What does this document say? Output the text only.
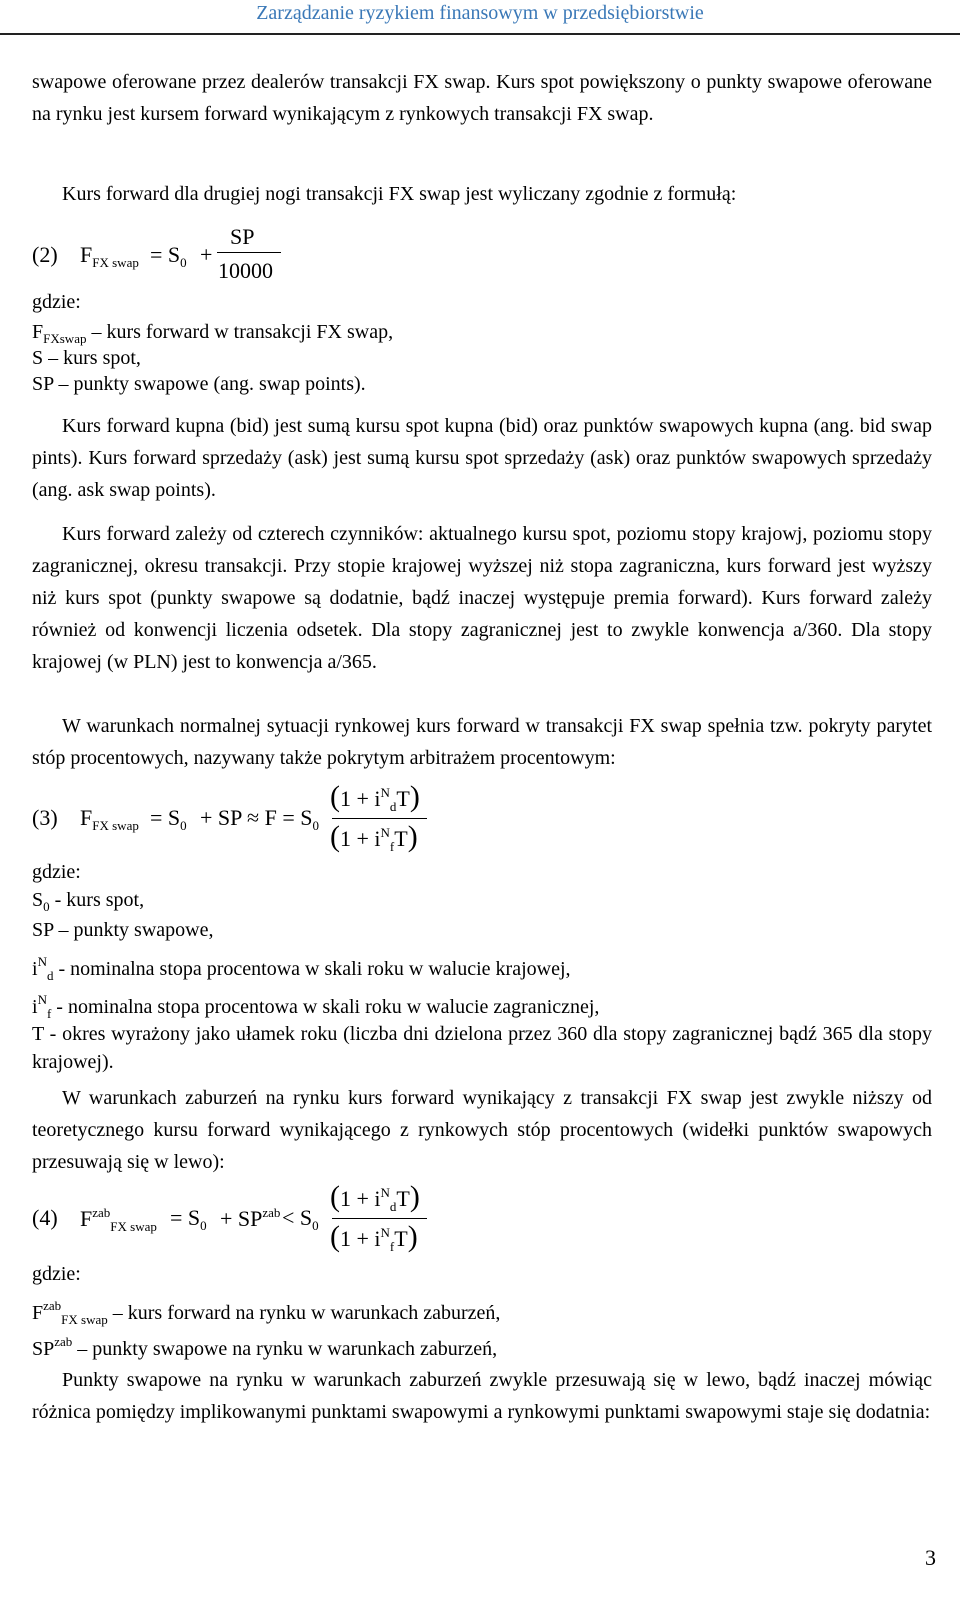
Zarządzanie ryzykiem finansowym w przedsiębiorstwie
swapowe oferowane przez dealerów transakcji FX swap. Kurs spot powiększony o punkty swapowe oferowane na rynku jest kursem forward wynikającym z rynkowych transakcji FX swap.
Kurs forward dla drugiej nogi transakcji FX swap jest wyliczany zgodnie z formułą:
(2) $F_{FX swap} = S_0$ +
SP
10000
gdzie:
$F_{FXswap}$ – kurs forward w transakcji FX swap,
S – kurs spot,
SP – punkty swapowe (ang. swap points).
Kurs forward kupna (bid) jest sumą kursu spot kupna (bid) oraz punktów swapowych kupna (ang. bid swap pints). Kurs forward sprzedaży (ask) jest sumą kursu spot sprzedaży (ask) oraz punktów swapowych sprzedaży (ang. ask swap points).
Kurs forward zależy od czterech czynników: aktualnego kursu spot, poziomu stopy krajowj, poziomu stopy zagranicznej, okresu transakcji. Przy stopie krajowej wyższej niż stopa zagraniczna, kurs forward jest wyższy niż kurs spot (punkty swapowe są dodatnie, bądź inaczej występuje premia forward). Kurs forward zależy również od konwencji liczenia odsetek. Dla stopy zagranicznej jest to zwykle konwencja a/360. Dla stopy krajowej (w PLN) jest to konwencja a/365.
W warunkach normalnej sytuacji rynkowej kurs forward w transakcji FX swap spełnia tzw. pokryty parytet stóp procentowych, nazywany także pokrytym arbitrażem procentowym:
(3) $F_{FX swap} = S_0$ + SP ≈ $F = S_0$
$(1 + i^N_dT)$
$(1 + i^N_fT)$
gdzie:
$S_0$ - kurs spot,
SP – punkty swapowe,
$i^N_d$ - nominalna stopa procentowa w skali roku w walucie krajowej,
$i^N_f$ - nominalna stopa procentowa w skali roku w walucie zagranicznej,
T - okres wyrażony jako ułamek roku (liczba dni dzielona przez 360 dla stopy zagranicznej bądź 365 dla stopy krajowej).
W warunkach zaburzeń na rynku kurs forward wynikający z transakcji FX swap jest zwykle niższy od teoretycznego kursu forward wynikającego z rynkowych stóp procentowych (widełki punktów swapowych przesuwają się w lewo):
(4) $F^{zab}_{FX swap} = S_0 + SP^{zab} < S_0$
$(1 + i^N_dT)$
$(1 + i^N_fT)$
gdzie:
$F^{zab}_{FX swap}$ – kurs forward na rynku w warunkach zaburzeń,
$SP^{zab}$ – punkty swapowe na rynku w warunkach zaburzeń,
Punkty swapowe na rynku w warunkach zaburzeń zwykle przesuwają się w lewo, bądź inaczej mówiąc różnica pomiędzy implikowanymi punktami swapowymi a rynkowymi punktami swapowymi staje się dodatnia:
3
